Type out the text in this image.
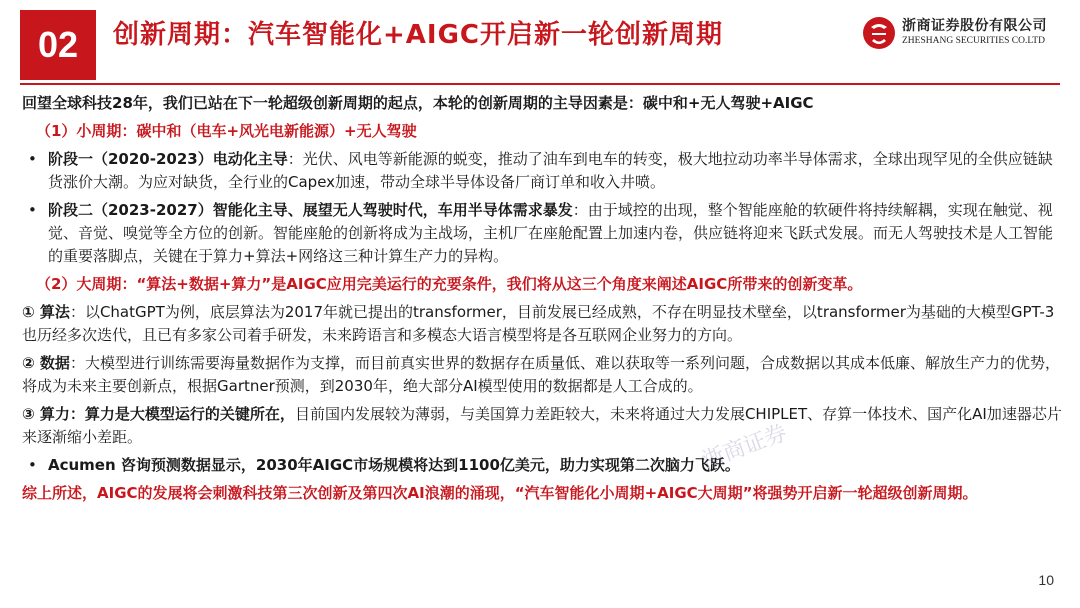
02	创新周期：汽车智能化+AIGC开启新一轮创新周期	浙商证券股份有限公司
ZHESHANG SECURITIES CO.LTD
回望全球科技28年，我们已站在下一轮超级创新周期的起点，本轮的创新周期的主导因素是：碳中和+无人驾驶+AIGC
（1）小周期：碳中和（电车+风光电新能源）+无人驾驶
• 阶段一（2020-2023）电动化主导：光伏、风电等新能源的蜕变，推动了油车到电车的转变，极大地拉动功率半导体需求，全球出现罕见的全供应链缺货涨价大潮。为应对缺货，全行业的Capex加速，带动全球半导体设备厂商订单和收入井喷。
• 阶段二（2023-2027）智能化主导、展望无人驾驶时代，车用半导体需求暴发：由于域控的出现，整个智能座舱的软硬件将持续解耦，实现在触觉、视觉、音觉、嗅觉等全方位的创新。智能座舱的创新将成为主战场，主机厂在座舱配置上加速内卷，供应链将迎来飞跃式发展。而无人驾驶技术是人工智能的重要落脚点，关键在于算力+算法+网络这三种计算生产力的异构。
（2）大周期：“算法+数据+算力”是AIGC应用完美运行的充要条件，我们将从这三个角度来阐述AIGC所带来的创新变革。
① 算法：以ChatGPT为例，底层算法为2017年就已提出的transformer，目前发展已经成熟，不存在明显技术壁垒，以transformer为基础的大模型GPT-3也历经多次迭代，且已有多家公司着手研发，未来跨语言和多模态大语言模型将是各互联网企业努力的方向。
② 数据：大模型进行训练需要海量数据作为支撑，而目前真实世界的数据存在质量低、难以获取等一系列问题，合成数据以其成本低廉、解放生产力的优势，将成为未来主要创新点，根据Gartner预测，到2030年，绝大部分AI模型使用的数据都是人工合成的。
③ 算力：算力是大模型运行的关键所在，目前国内发展较为薄弱，与美国算力差距较大，未来将通过大力发展CHIPLET、存算一体技术、国产化AI加速器芯片来逐渐缩小差距。
• Acumen 咨询预测数据显示，2030年AIGC市场规模将达到1100亿美元，助力实现第二次脑力飞跃。
综上所述，AIGC的发展将会刺激科技第三次创新及第四次AI浪潮的涌现，“汽车智能化小周期+AIGC大周期”将强势开启新一轮超级创新周期。
浙商证券
10
